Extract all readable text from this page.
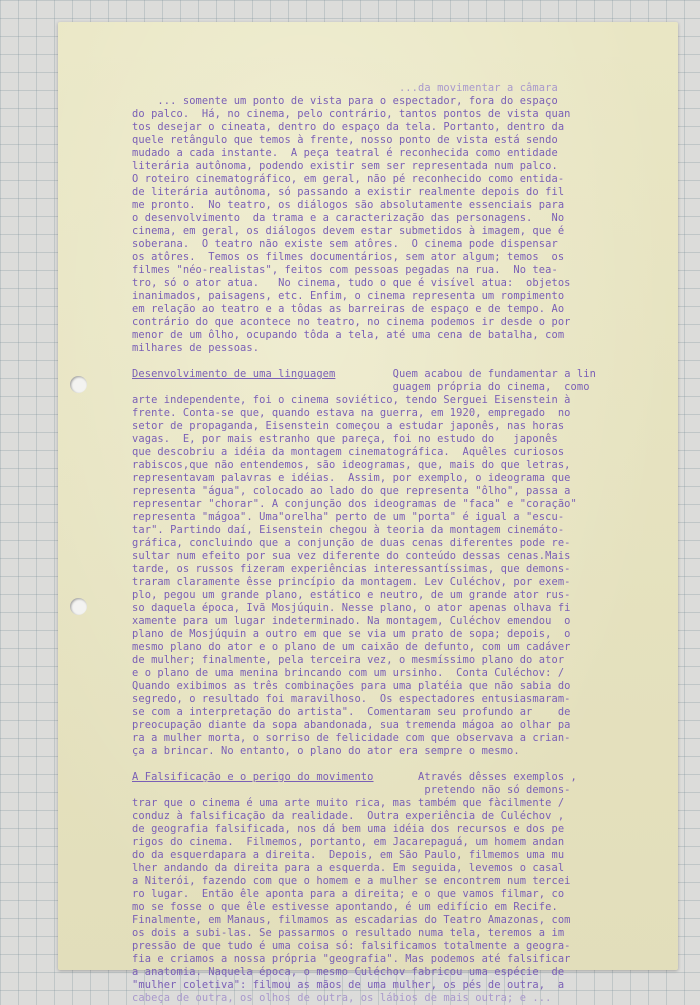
...da movimentar a câmara
... somente um ponto de vista para o espectador, fora do espaço
do palco.  Há, no cinema, pelo contrário, tantos pontos de vista quan
tos desejar o cineata, dentro do espaço da tela. Portanto, dentro da
quele retângulo que temos à frente, nosso ponto de vista está sendo
mudado a cada instante.  A peça teatral é reconhecida como entidade
literária autônoma, podendo existir sem ser representada num palco.
O roteiro cinematográfico, em geral, não pé reconhecido como entida-
de literária autônoma, só passando a existir realmente depois do fil
me pronto.  No teatro, os diálogos são absolutamente essenciais para
o desenvolvimento  da trama e a caracterização das personagens.   No
cinema, em geral, os diálogos devem estar submetidos à imagem, que é
soberana.  O teatro não existe sem atôres.  O cinema pode dispensar
os atôres.  Temos os filmes documentários, sem ator algum; temos  os
filmes "néo-realistas", feitos com pessoas pegadas na rua.  No tea-
tro, só o ator atua.   No cinema, tudo o que é visível atua:  objetos
inanimados, paisagens, etc. Enfim, o cinema representa um rompimento
em relação ao teatro e a tôdas as barreiras de espaço e de tempo. Ao
contrário do que acontece no teatro, no cinema podemos ir desde o por
menor de um ôlho, ocupando tôda a tela, até uma cena de batalha, com
milhares de pessoas.
Desenvolvimento de uma linguagem         Quem acabou de fundamentar a lin
guagem própria do cinema,  como
arte independente, foi o cinema soviético, tendo Serguei Eisenstein à
frente. Conta-se que, quando estava na guerra, em 1920, empregado  no
setor de propaganda, Eisenstein começou a estudar japonês, nas horas
vagas.  E, por mais estranho que pareça, foi no estudo do   japonês
que descobriu a idéia da montagem cinematográfica.  Aquêles curiosos
rabiscos,que não entendemos, são ideogramas, que, mais do que letras,
representavam palavras e idéias.  Assim, por exemplo, o ideograma que
representa "água", colocado ao lado do que representa "ôlho", passa a
representar "chorar". A conjunção dos ideogramas de "faca" e "coração"
representa "mágoa". Uma"orelha" perto de um "porta" é igual a "escu-
tar". Partindo daí, Eisenstein chegou à teoria da montagem cinemáto-
gráfica, concluindo que a conjunção de duas cenas diferentes pode re-
sultar num efeito por sua vez diferente do conteúdo dessas cenas.Mais
tarde, os russos fizeram experiências interessantíssimas, que demons-
traram claramente êsse princípio da montagem. Lev Culéchov, por exem-
plo, pegou um grande plano, estático e neutro, de um grande ator rus-
so daquela época, Ivã Mosjúquin. Nesse plano, o ator apenas olhava fi
xamente para um lugar indeterminado. Na montagem, Culéchov emendou  o
plano de Mosjúquin a outro em que se via um prato de sopa; depois,  o
mesmo plano do ator e o plano de um caixão de defunto, com um cadáver
de mulher; finalmente, pela terceira vez, o mesmíssimo plano do ator
e o plano de uma menina brincando com um ursinho.  Conta Culéchov: /
Quando exibimos as três combinações para uma platéia que não sabia do
segredo, o resultado foi maravilhoso.  Os espectadores entusiasmaram-
se com a interpretação do artista".  Comentaram seu profundo ar    de
preocupação diante da sopa abandonada, sua tremenda mágoa ao olhar pa
ra a mulher morta, o sorriso de felicidade com que observava a crian-
ça a brincar. No entanto, o plano do ator era sempre o mesmo.
A Falsificação e o perigo do movimento       Através dêsses exemplos ,
pretendo não só demons-
trar que o cinema é uma arte muito rica, mas também que fàcilmente /
conduz à falsificação da realidade.  Outra experiência de Culéchov ,
de geografia falsificada, nos dá bem uma idéia dos recursos e dos pe
rigos do cinema.  Filmemos, portanto, em Jacarepaguá, um homem andan
do da esquerdapara a direita.  Depois, em São Paulo, filmemos uma mu
lher andando da direita para a esquerda. Em seguida, levemos o casal
a Niterói, fazendo com que o homem e a mulher se encontrem num tercei
ro lugar.  Então êle aponta para a direita; e o que vamos filmar, co
mo se fosse o que êle estivesse apontando, é um edifício em Recife.
Finalmente, em Manaus, filmamos as escadarias do Teatro Amazonas, com
os dois a subi-las. Se passarmos o resultado numa tela, teremos a im
pressão de que tudo é uma coisa só: falsificamos totalmente a geogra-
fia e criamos a nossa própria "geografia". Mas podemos até falsificar
a anatomia. Naquela época, o mesmo Culéchov fabricou uma espécie  de
"mulher coletiva": filmou as mãos de uma mulher, os pés de outra,  a
cabeça de outra, os olhos de outra, os lábios de mais outra; e ...
